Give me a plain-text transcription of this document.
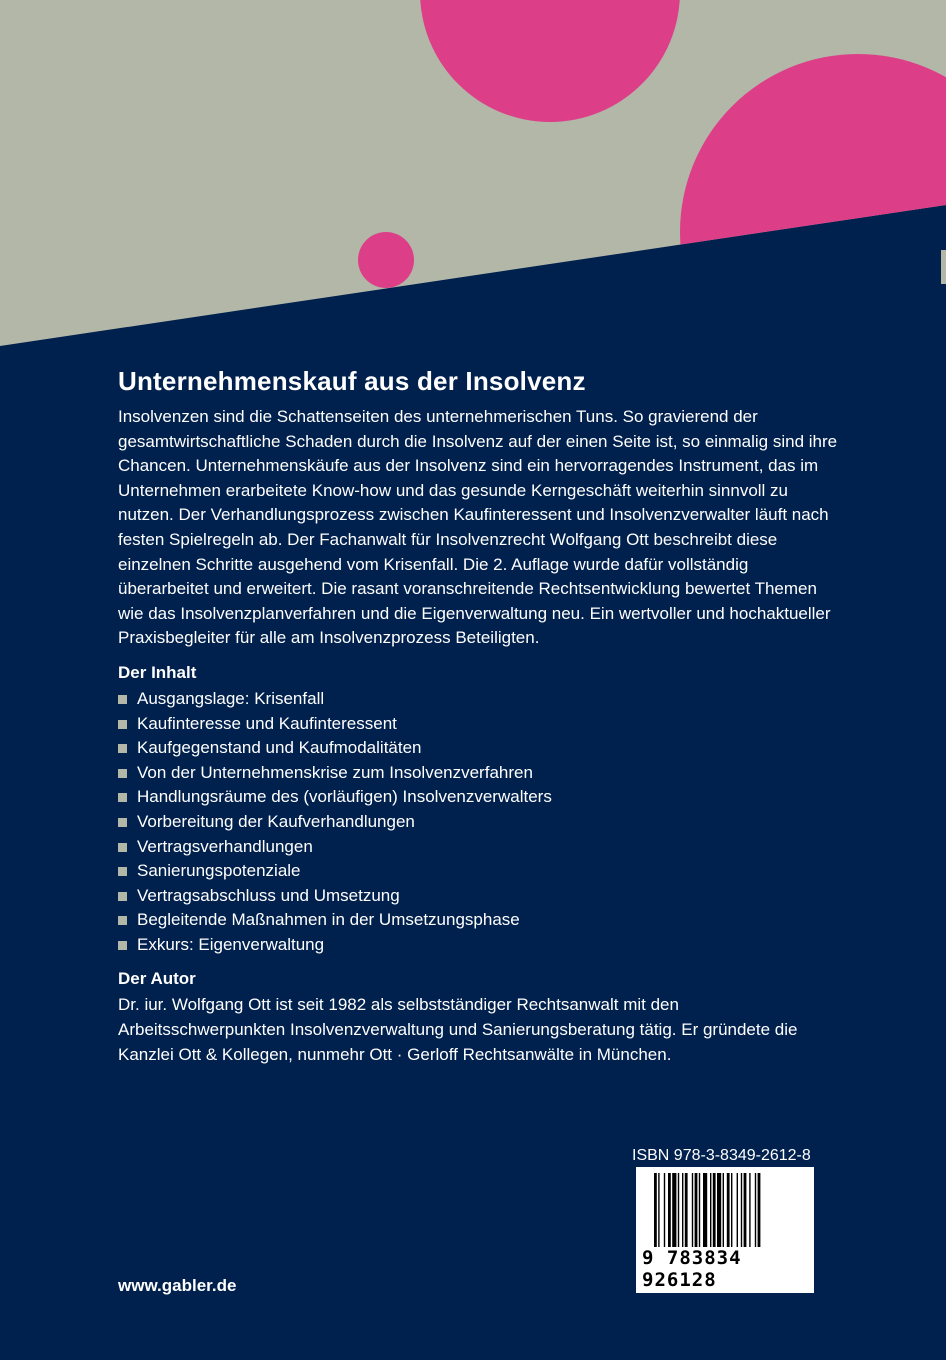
Unternehmenskauf aus der Insolvenz

Insolvenzen sind die Schattenseiten des unternehmerischen Tuns. So gravierend der gesamtwirtschaftliche Schaden durch die Insolvenz auf der einen Seite ist, so einmalig sind ihre Chancen. Unternehmenskäufe aus der Insolvenz sind ein hervorragendes Instrument, das im Unternehmen erarbeitete Know-how und das gesunde Kerngeschäft weiterhin sinnvoll zu nutzen. Der Verhandlungsprozess zwischen Kaufinteressent und Insolvenzverwalter läuft nach festen Spielregeln ab. Der Fachanwalt für Insolvenzrecht Wolfgang Ott beschreibt diese einzelnen Schritte ausgehend vom Krisenfall. Die 2. Auflage wurde dafür vollständig überarbeitet und erweitert. Die rasant voranschreitende Rechtsentwicklung bewertet Themen wie das Insolvenzplanverfahren und die Eigenverwaltung neu. Ein wertvoller und hochaktueller Praxisbegleiter für alle am Insolvenzprozess Beteiligten.

Der Inhalt
Ausgangslage: Krisenfall
Kaufinteresse und Kaufinteressent
Kaufgegenstand und Kaufmodalitäten
Von der Unternehmenskrise zum Insolvenzverfahren
Handlungsräume des (vorläufigen) Insolvenzverwalters
Vorbereitung der Kaufverhandlungen
Vertragsverhandlungen
Sanierungspotenziale
Vertragsabschluss und Umsetzung
Begleitende Maßnahmen in der Umsetzungsphase
Exkurs: Eigenverwaltung
Der Autor

Dr. iur. Wolfgang Ott ist seit 1982 als selbstständiger Rechtsanwalt mit den Arbeitsschwerpunkten Insolvenzverwaltung und Sanierungsberatung tätig. Er gründete die Kanzlei Ott & Kollegen, nunmehr Ott · Gerloff Rechtsanwälte in München.

ISBN 978-3-8349-2612-8
9 783834 926128
www.gabler.de
